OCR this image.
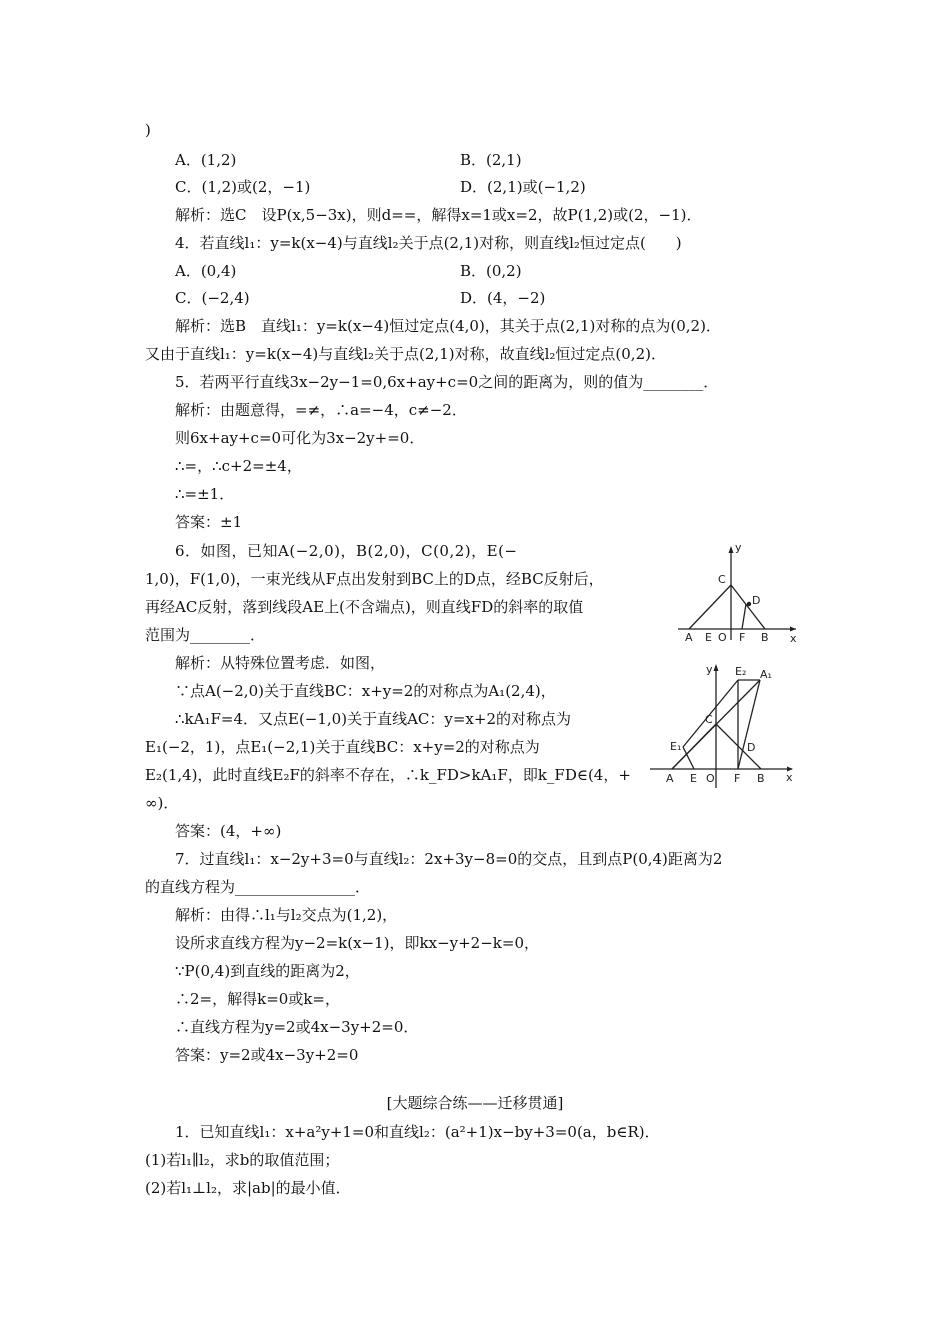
)
A．(1,2)	B．(2,1)
C．(1,2)或(2，−1)	D．(2,1)或(−1,2)
解析：选C　设P(x,5−3x)，则d==，解得x=1或x=2，故P(1,2)或(2，−1)．
4．若直线l₁：y=k(x−4)与直线l₂关于点(2,1)对称，则直线l₂恒过定点(　　)
A．(0,4)	B．(0,2)
C．(−2,4)	D．(4，−2)
解析：选B　直线l₁：y=k(x−4)恒过定点(4,0)，其关于点(2,1)对称的点为(0,2)．
又由于直线l₁：y=k(x−4)与直线l₂关于点(2,1)对称，故直线l₂恒过定点(0,2)．
5．若两平行直线3x−2y−1=0,6x+ay+c=0之间的距离为，则的值为________．
解析：由题意得，=≠，∴a=−4，c≠−2．
则6x+ay+c=0可化为3x−2y+=0．
∴=，∴c+2=±4，
∴=±1．
答案：±1
6．如图，已知A(−2,0)，B(2,0)，C(0,2)，E(−
1,0)，F(1,0)，一束光线从F点出发射到BC上的D点，经BC反射后，
再经AC反射，落到线段AE上(不含端点)，则直线FD的斜率的取值
范围为________．
解析：从特殊位置考虑．如图，
∵点A(−2,0)关于直线BC：x+y=2的对称点为A₁(2,4)，
∴kA₁F=4．又点E(−1,0)关于直线AC：y=x+2的对称点为
E₁(−2，1)，点E₁(−2,1)关于直线BC：x+y=2的对称点为
E₂(1,4)，此时直线E₂F的斜率不存在，∴k_FD>kA₁F，即k_FD∈(4，+
∞)．
答案：(4，+∞)
y
x
A E O F B
C
D
y
x
A E O F B
C
D
A₁
E₁
E₂
7．过直线l₁：x−2y+3=0与直线l₂：2x+3y−8=0的交点，且到点P(0,4)距离为2
的直线方程为________________．
解析：由得∴l₁与l₂交点为(1,2)，
设所求直线方程为y−2=k(x−1)，即kx−y+2−k=0，
∵P(0,4)到直线的距离为2，
∴2=，解得k=0或k=，
∴直线方程为y=2或4x−3y+2=0．
答案：y=2或4x−3y+2=0
[大题综合练——迁移贯通]
1．已知直线l₁：x+a²y+1=0和直线l₂：(a²+1)x−by+3=0(a，b∈R)．
(1)若l₁∥l₂，求b的取值范围；
(2)若l₁⊥l₂，求|ab|的最小值．
